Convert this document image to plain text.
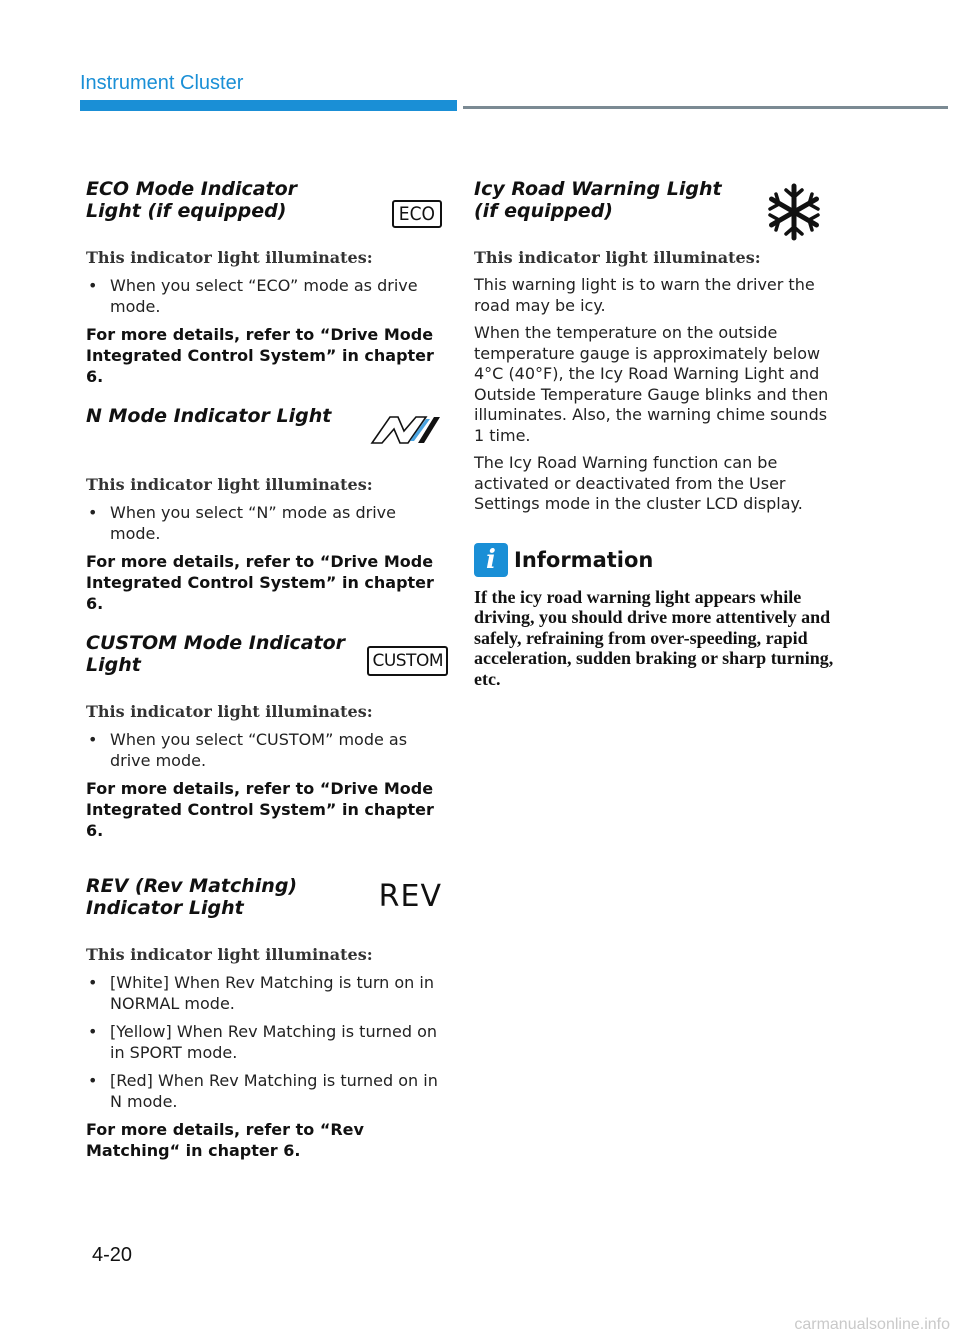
Instrument Cluster
ECO Mode Indicator Light (if equipped)	ECO

This indicator light illuminates:

• When you select “ECO” mode as drive mode.

For more details, refer to “Drive Mode Integrated Control System” in chapter 6.

N Mode Indicator Light

This indicator light illuminates:

• When you select “N” mode as drive mode.

For more details, refer to “Drive Mode Integrated Control System” in chapter 6.

CUSTOM Mode Indicator Light	CUSTOM

This indicator light illuminates:

• When you select “CUSTOM” mode as drive mode.

For more details, refer to “Drive Mode Integrated Control System” in chapter 6.

REV (Rev Matching) Indicator Light	REV

This indicator light illuminates:

• [White] When Rev Matching is turn on in NORMAL mode.

• [Yellow] When Rev Matching is turned on in SPORT mode.

• [Red] When Rev Matching is turned on in N mode.

For more details, refer to “Rev Matching“ in chapter 6.

Icy Road Warning Light (if equipped)

This indicator light illuminates:

This warning light is to warn the driver the road may be icy.

When the temperature on the outside temperature gauge is approximately below 4°C (40°F), the Icy Road Warning Light and Outside Temperature Gauge blinks and then illuminates. Also, the warning chime sounds 1 time.

The Icy Road Warning function can be activated or deactivated from the User Settings mode in the cluster LCD display.

i Information

If the icy road warning light appears while driving, you should drive more attentively and safely, refraining from over-speeding, rapid acceleration, sudden braking or sharp turning, etc.

4-20
carmanualsonline.info
